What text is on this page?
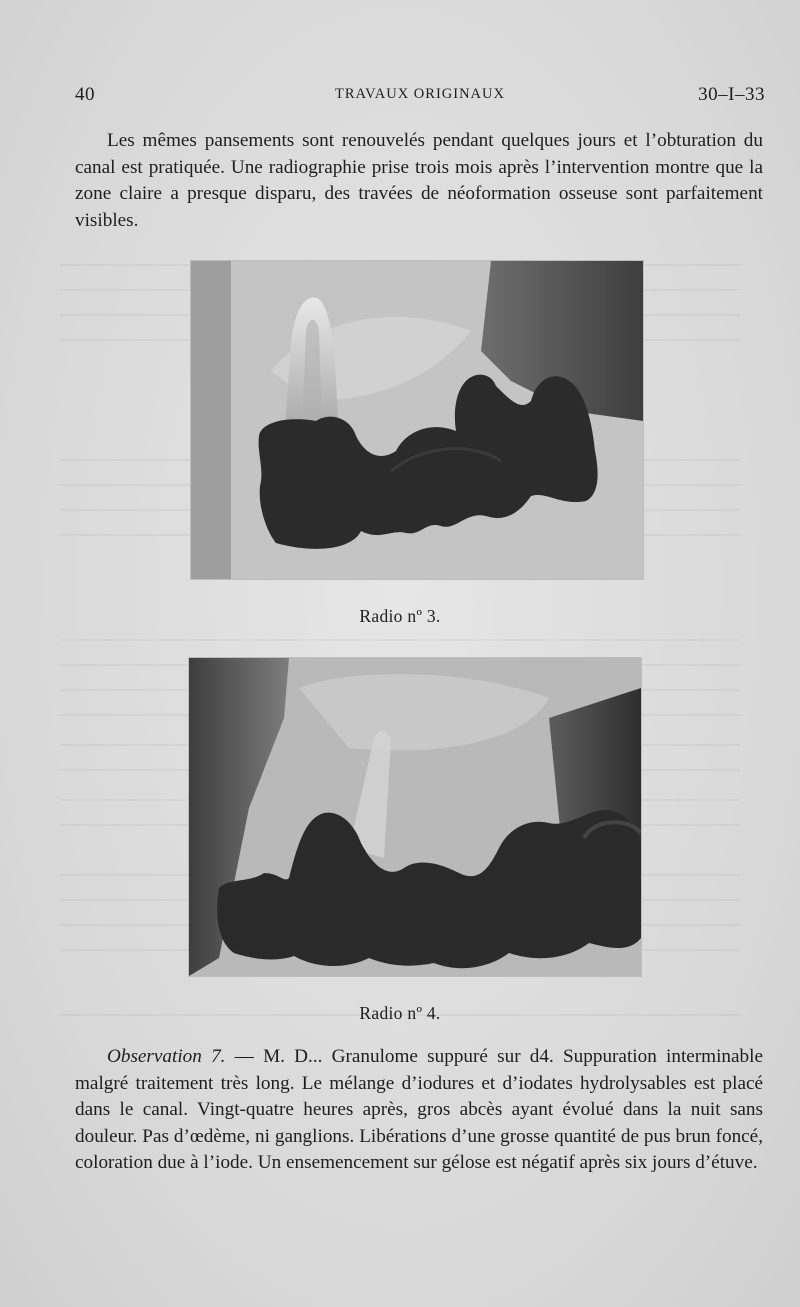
40	TRAVAUX ORIGINAUX	30–I–33

Les mêmes pansements sont renouvelés pendant quelques jours et l’obturation du canal est pratiquée. Une radiographie prise trois mois après l’intervention montre que la zone claire a presque disparu, des travées de néoformation osseuse sont parfaitement visibles.

Radio nº 3.
Radio nº 4.

Observation 7. — M. D... Granulome suppuré sur d4. Suppuration interminable malgré traitement très long. Le mélange d’iodures et d’iodates hydrolysables est placé dans le canal. Vingt-quatre heures après, gros abcès ayant évolué dans la nuit sans douleur. Pas d’œdème, ni ganglions. Libérations d’une grosse quantité de pus brun foncé, coloration due à l’iode. Un ensemencement sur gélose est négatif après six jours d’étuve.
